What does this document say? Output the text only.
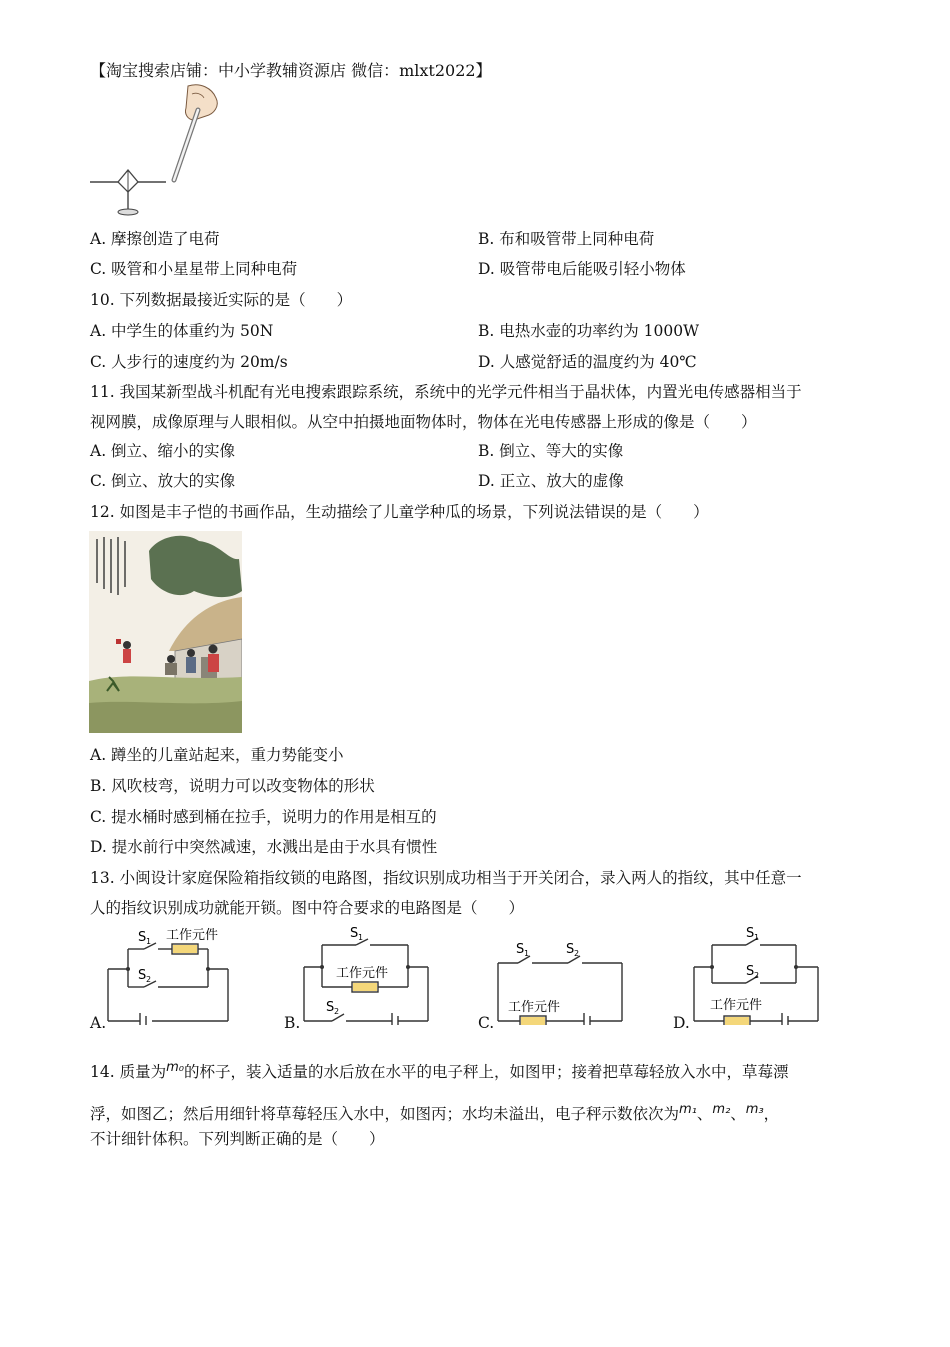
【淘宝搜索店铺：中小学教辅资源店 微信：mlxt2022】
A. 摩擦创造了电荷	B. 布和吸管带上同种电荷
C. 吸管和小星星带上同种电荷	D. 吸管带电后能吸引轻小物体
10. 下列数据最接近实际的是（　　）
A. 中学生的体重约为 50N	B. 电热水壶的功率约为 1000W
C. 人步行的速度约为 20m/s	D. 人感觉舒适的温度约为 40℃
11. 我国某新型战斗机配有光电搜索跟踪系统，系统中的光学元件相当于晶状体，内置光电传感器相当于
视网膜，成像原理与人眼相似。从空中拍摄地面物体时，物体在光电传感器上形成的像是（　　）
A. 倒立、缩小的实像	B. 倒立、等大的实像
C. 倒立、放大的实像	D. 正立、放大的虚像
12. 如图是丰子恺的书画作品，生动描绘了儿童学种瓜的场景，下列说法错误的是（　　）
A. 蹲坐的儿童站起来，重力势能变小
B. 风吹枝弯，说明力可以改变物体的形状
C. 提水桶时感到桶在拉手，说明力的作用是相互的
D. 提水前行中突然减速，水溅出是由于水具有惯性
13. 小闽设计家庭保险箱指纹锁的电路图，指纹识别成功相当于开关闭合，录入两人的指纹，其中任意一
人的指纹识别成功就能开锁。图中符合要求的电路图是（　　）
A.
S 1 工作元件
S 2
B.
S 1
工作元件
S 2
C.
S 1	S 2
工作元件
D.
S 1
S 2
工作元件
14. 质量为$^{m_0}$的杯子，装入适量的水后放在水平的电子秤上，如图甲；接着把草莓轻放入水中，草莓漂
浮，如图乙；然后用细针将草莓轻压入水中，如图丙；水均未溢出，电子秤示数依次为$^{m_1}$、$^{m_2}$、$^{m_3}$，
不计细针体积。下列判断正确的是（　　）
